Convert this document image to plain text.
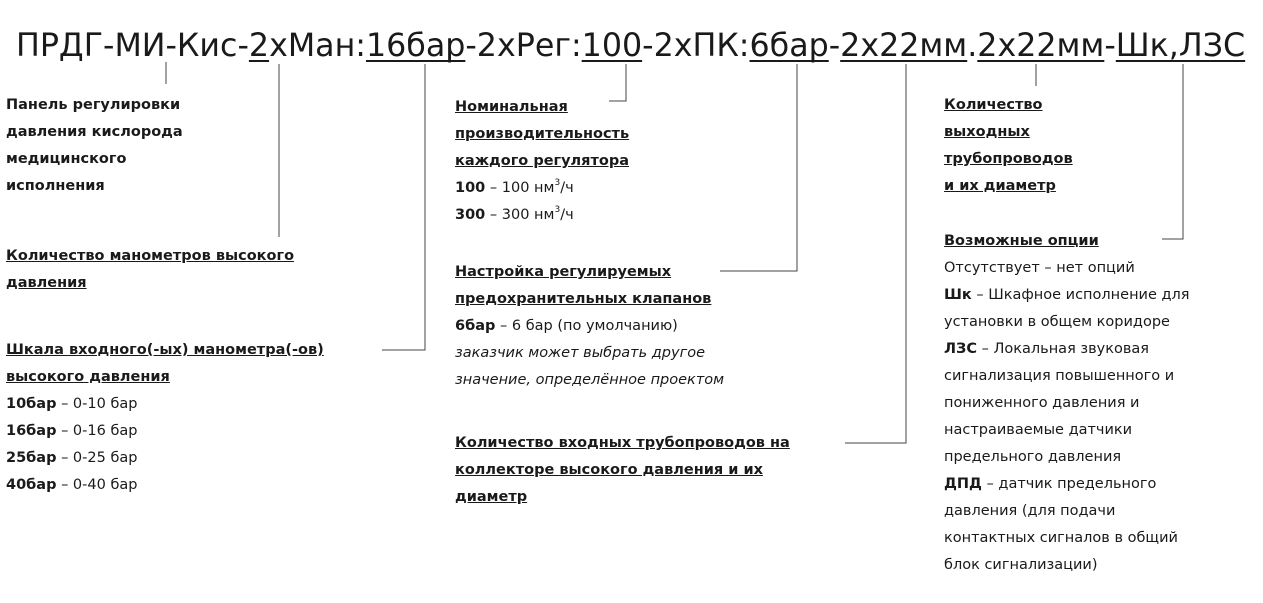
ПРДГ-МИ-Кис-2хМан:16бар-2хРег:100-2хПК:6бар-2х22мм.2х22мм-Шк,ЛЗС

Панель регулировки

давления кислорода

медицинского

исполнения

Количество манометров высокого

давления

Шкала входного(-ых) манометра(-ов)

высокого давления

10бар – 0-10 бар

16бар – 0-16 бар

25бар – 0-25 бар

40бар – 0-40 бар

Номинальная

производительность

каждого регулятора

100 – 100 $нм^3/ч$

300 – 300 $нм^3/ч$

Настройка регулируемых

предохранительных клапанов

6бар – 6 бар (по умолчанию)

заказчик может выбрать другое

значение, определённое проектом

Количество входных трубопроводов на

коллекторе высокого давления и их

диаметр

Количество

выходных

трубопроводов

и их диаметр

Возможные опции

Отсутствует – нет опций

Шк – Шкафное исполнение для

установки в общем коридоре

ЛЗС – Локальная звуковая

сигнализация повышенного и

пониженного давления и

настраиваемые датчики

предельного давления

ДПД – датчик предельного

давления (для подачи

контактных сигналов в общий

блок сигнализации)
